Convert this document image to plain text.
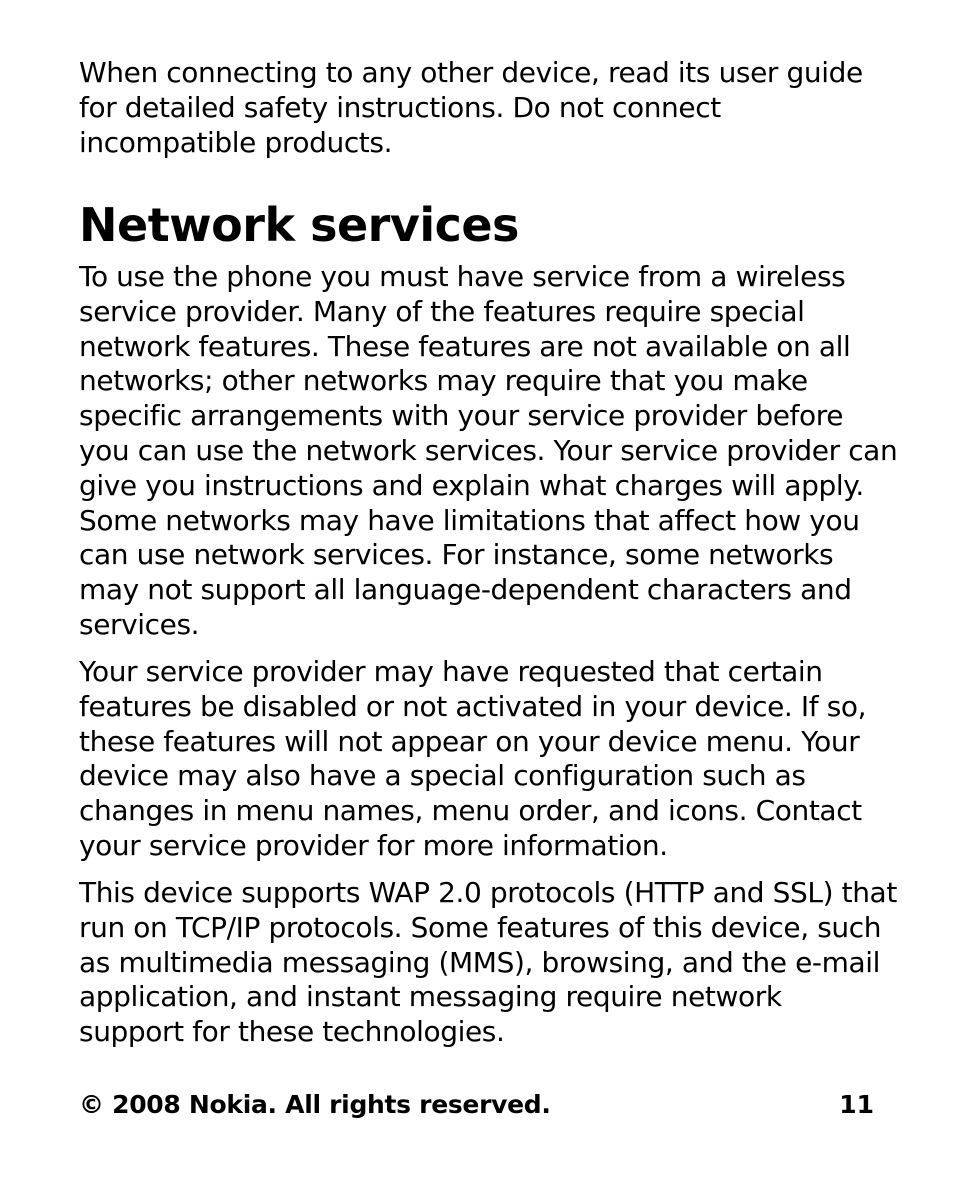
When connecting to any other device, read its user guide
for detailed safety instructions. Do not connect
incompatible products.
Network services
To use the phone you must have service from a wireless
service provider. Many of the features require special
network features. These features are not available on all
networks; other networks may require that you make
specific arrangements with your service provider before
you can use the network services. Your service provider can
give you instructions and explain what charges will apply.
Some networks may have limitations that affect how you
can use network services. For instance, some networks
may not support all language-dependent characters and
services.
Your service provider may have requested that certain
features be disabled or not activated in your device. If so,
these features will not appear on your device menu. Your
device may also have a special configuration such as
changes in menu names, menu order, and icons. Contact
your service provider for more information.
This device supports WAP 2.0 protocols (HTTP and SSL) that
run on TCP/IP protocols. Some features of this device, such
as multimedia messaging (MMS), browsing, and the e-mail
application, and instant messaging require network
support for these technologies.
© 2008 Nokia. All rights reserved.	11
